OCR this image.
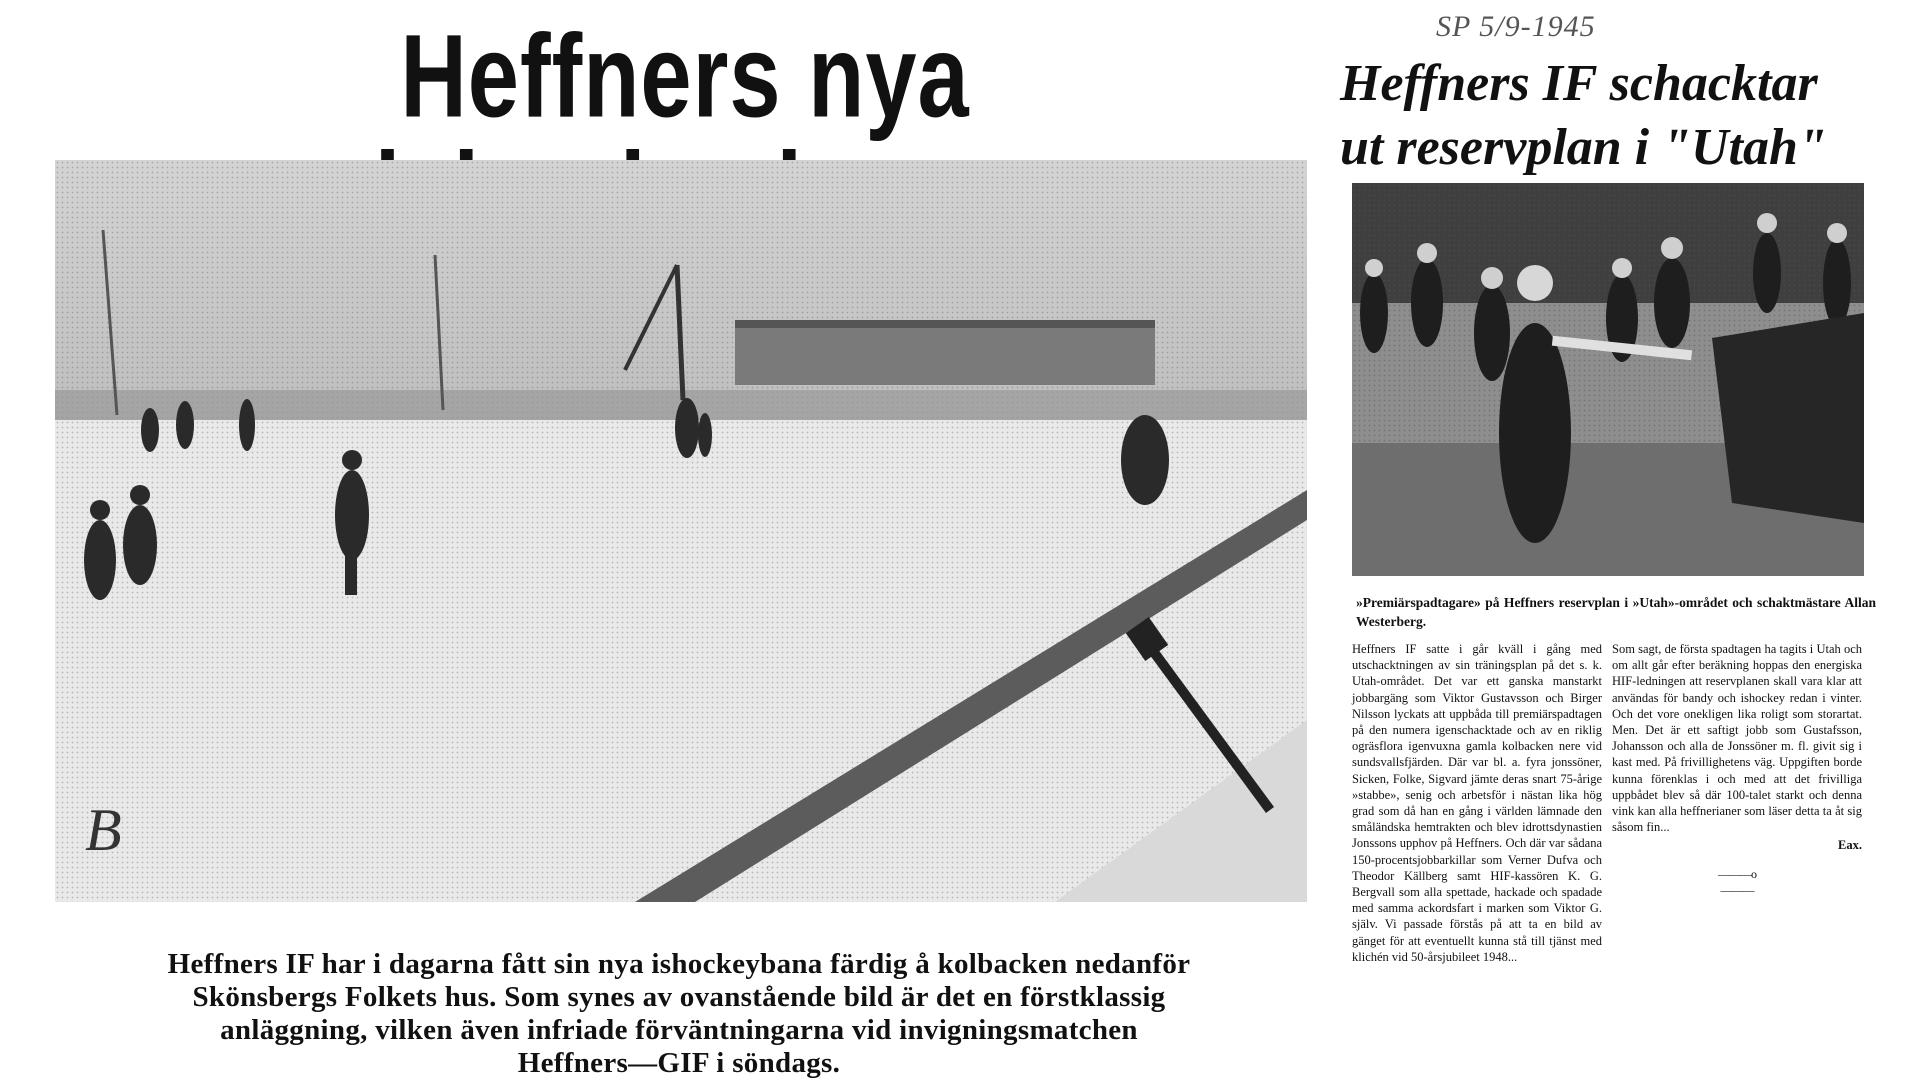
Heffners nya
B

Heffners IF har i dagarna fått sin nya ishockeybana färdig å kolbacken nedanför

Skönsbergs Folkets hus. Som synes av ovanstående bild är det en förstklassig

anläggning, vilken även infriade förväntningarna vid invigningsmatchen

Heffners—GIF i söndags.

SP 5/9-1945
Heffners IF schacktar
ut reservplan i "Utah"
»Premiärspadtagare» på Heffners reservplan i »Utah»-området och schaktmästare Allan Westerberg.

Heffners IF satte i går kväll i gång med utschacktningen av sin träningsplan på det s. k. Utah-området. Det var ett ganska manstarkt jobbargäng som Viktor Gustavsson och Birger Nilsson lyckats att uppbåda till premiärspadtagen på den numera igenschacktade och av en riklig ogräsflora igenvuxna gamla kolbacken nere vid sundsvallsfjärden. Där var bl. a. fyra jonssöner, Sicken, Folke, Sigvard jämte deras snart 75-årige »stabbe», senig och arbetsför i nästan lika hög grad som då han en gång i världen lämnade den småländska hemtrakten och blev idrottsdynastien Jonssons upphov på Heffners. Och där var sådana 150-procentsjobbarkillar som Verner Dufva och Theodor Källberg samt HIF-kassören K. G. Bergvall som alla spettade, hackade och spadade med samma ackordsfart i marken som Viktor G. själv. Vi passade förstås på att ta en bild av gänget för att eventuellt kunna stå till tjänst med klichén vid 50-årsjubileet 1948...

Som sagt, de första spadtagen ha tagits i Utah och om allt går efter beräkning hoppas den energiska HIF-ledningen att reservplanen skall vara klar att användas för bandy och ishockey redan i vinter. Och det vore onekligen lika roligt som storartat. Men. Det är ett saftigt jobb som Gustafsson, Johansson och alla de Jonssöner m. fl. givit sig i kast med. På frivillighetens väg. Uppgiften borde kunna förenklas i och med att det frivilliga uppbådet blev så där 100-talet starkt och denna vink kan alla heffnerianer som läser detta ta åt sig såsom fin...

Eax.
———o———
